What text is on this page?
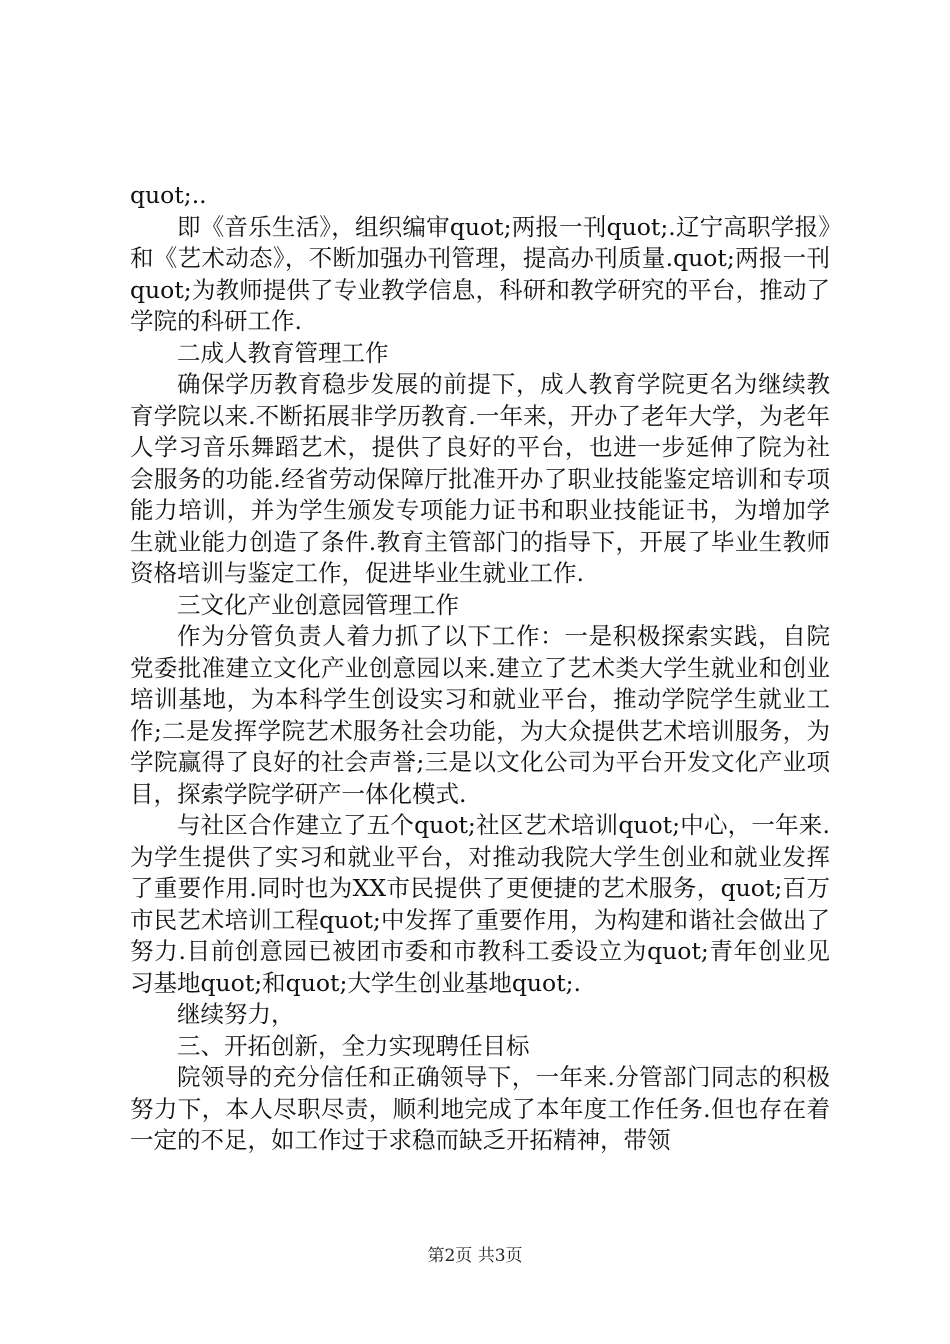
quot;..

即《音乐生活》，组织编审quot;两报一刊quot;.辽宁高职学报》和《艺术动态》，不断加强办刊管理，提高办刊质量.quot;两报一刊quot;为教师提供了专业教学信息，科研和教学研究的平台，推动了学院的科研工作.

二成人教育管理工作

确保学历教育稳步发展的前提下，成人教育学院更名为继续教育学院以来.不断拓展非学历教育.一年来，开办了老年大学，为老年人学习音乐舞蹈艺术，提供了良好的平台，也进一步延伸了院为社会服务的功能.经省劳动保障厅批准开办了职业技能鉴定培训和专项能力培训，并为学生颁发专项能力证书和职业技能证书，为增加学生就业能力创造了条件.教育主管部门的指导下，开展了毕业生教师资格培训与鉴定工作，促进毕业生就业工作.

三文化产业创意园管理工作

作为分管负责人着力抓了以下工作：一是积极探索实践，自院党委批准建立文化产业创意园以来.建立了艺术类大学生就业和创业培训基地，为本科学生创设实习和就业平台，推动学院学生就业工作;二是发挥学院艺术服务社会功能，为大众提供艺术培训服务，为学院赢得了良好的社会声誉;三是以文化公司为平台开发文化产业项目，探索学院学研产一体化模式.

与社区合作建立了五个quot;社区艺术培训quot;中心，一年来.为学生提供了实习和就业平台，对推动我院大学生创业和就业发挥了重要作用.同时也为XX市民提供了更便捷的艺术服务，quot;百万市民艺术培训工程quot;中发挥了重要作用，为构建和谐社会做出了努力.目前创意园已被团市委和市教科工委设立为quot;青年创业见习基地quot;和quot;大学生创业基地quot;.

继续努力，

三、开拓创新，全力实现聘任目标

院领导的充分信任和正确领导下，一年来.分管部门同志的积极努力下，本人尽职尽责，顺利地完成了本年度工作任务.但也存在着一定的不足，如工作过于求稳而缺乏开拓精神，带领

第2页 共3页
